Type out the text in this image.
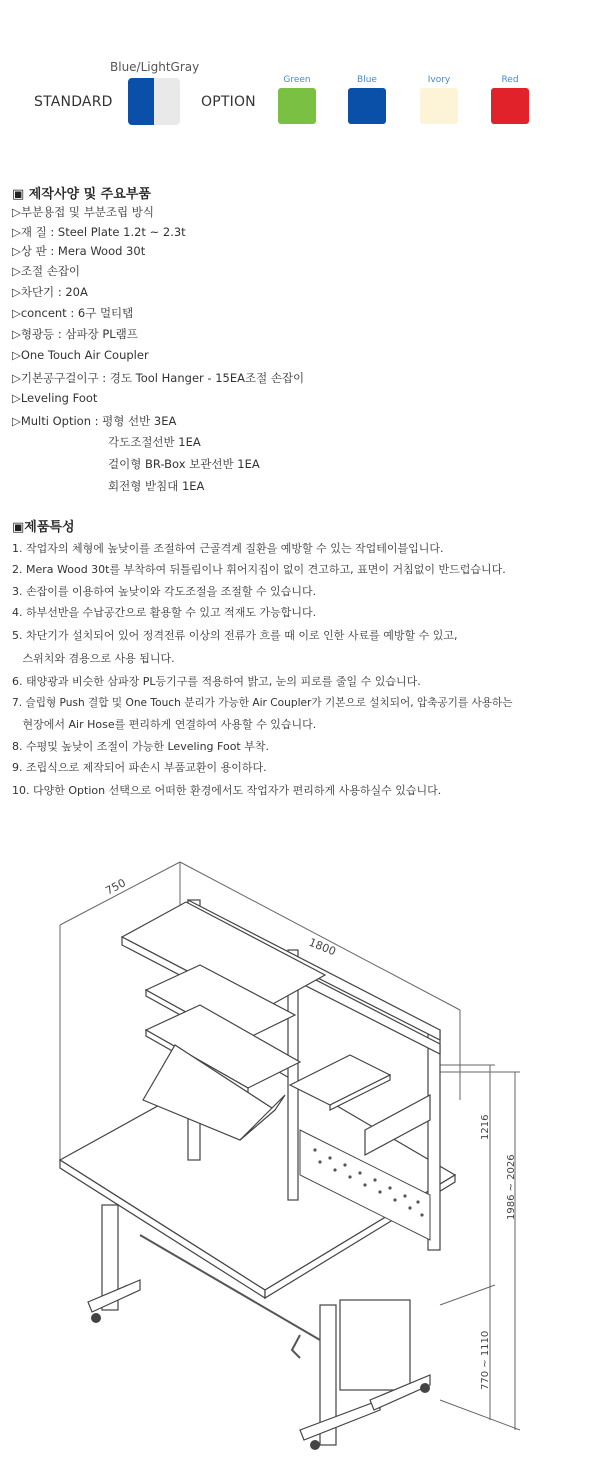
Blue/LightGray
STANDARD	OPTION
Green	Blue	Ivory	Red
▣ 제작사양 및 주요부품
▷부분용접 및 부분조립 방식
▷재 질 : Steel Plate 1.2t ~ 2.3t
▷상 판 : Mera Wood 30t
▷조절 손잡이
▷차단기 : 20A
▷concent : 6구 멀티탭
▷형광등 : 삼파장 PL램프
▷One Touch Air Coupler
▷기본공구걸이구 : 경도 Tool Hanger - 15EA조절 손잡이
▷Leveling Foot
▷Multi Option : 평형 선반 3EA
각도조절선반 1EA
걸이형 BR-Box 보관선반 1EA
회전형 받침대 1EA
▣제품특성
1. 작업자의 체형에 높낮이를 조절하여 근골격계 질환을 예방할 수 있는 작업테이블입니다.
2. Mera Wood 30t를 부착하여 뒤틀림이나 휘어지집이 없이 견고하고, 표면이 거침없이 반드럽습니다.
3. 손잡이를 이용하여 높낮이와 각도조절을 조절할 수 있습니다.
4. 하부선반을 수납공간으로 활용할 수 있고 적재도 가능합니다.
5. 차단기가 설치되어 있어 정격전류 이상의 전류가 흐를 때 이로 인한 사료를 예방할 수 있고,
스위치와 겸용으로 사용 됩니다.
6. 태양광과 비슷한 삼파장 PL등기구를 적용하여 밝고, 눈의 피로를 줄일 수 있습니다.
7. 슬립형 Push 결합 및 One Touch 분리가 가능한 Air Coupler가 기본으로 설치되어, 압축공기를 사용하는
현장에서 Air Hose를 편리하게 연결하여 사용할 수 있습니다.
8. 수평및 높낮이 조절이 가능한 Leveling Foot 부착.
9. 조립식으로 제작되어 파손시 부품교환이 용이하다.
10. 다양한 Option 선택으로 어떠한 환경에서도 작업자가 편리하게 사용하실수 있습니다.
750
1800
1216
1986 ~ 2026
770 ~ 1110
